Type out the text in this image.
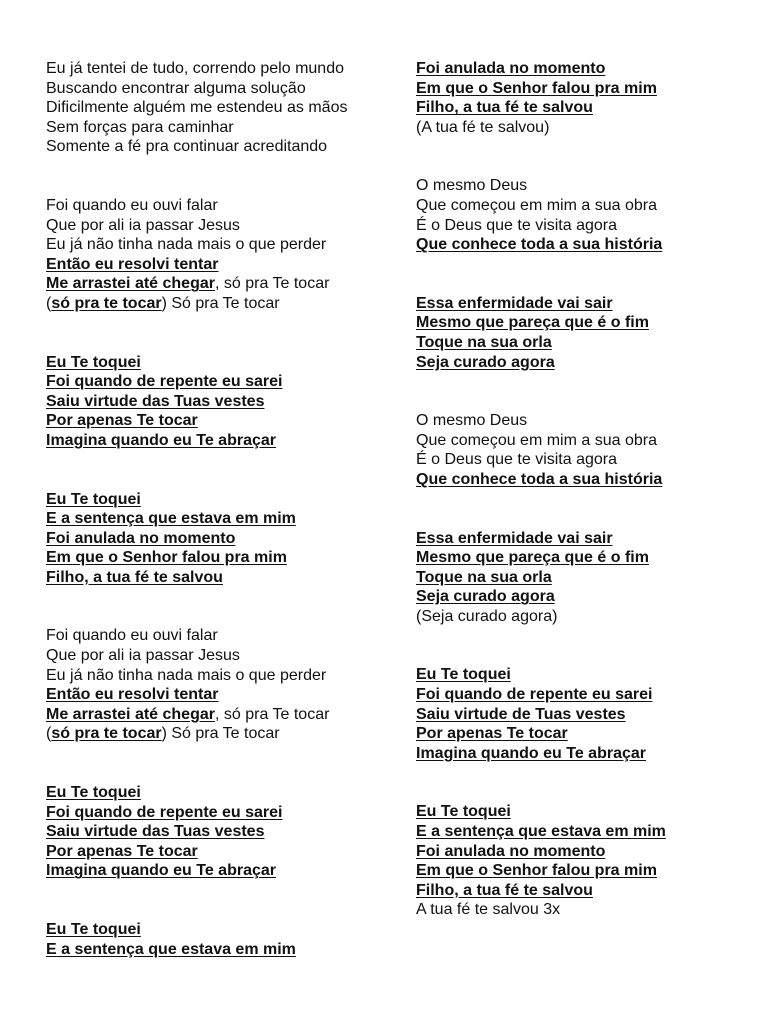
Eu já tentei de tudo, correndo pelo mundo
Buscando encontrar alguma solução
Dificilmente alguém me estendeu as mãos
Sem forças para caminhar
Somente a fé pra continuar acreditando
Foi quando eu ouvi falar
Que por ali ia passar Jesus
Eu já não tinha nada mais o que perder
Então eu resolvi tentar
Me arrastei até chegar, só pra Te tocar
(só pra te tocar) Só pra Te tocar
Eu Te toquei
Foi quando de repente eu sarei
Saiu virtude das Tuas vestes
Por apenas Te tocar
Imagina quando eu Te abraçar
Eu Te toquei
E a sentença que estava em mim
Foi anulada no momento
Em que o Senhor falou pra mim
Filho, a tua fé te salvou
Foi quando eu ouvi falar
Que por ali ia passar Jesus
Eu já não tinha nada mais o que perder
Então eu resolvi tentar
Me arrastei até chegar, só pra Te tocar
(só pra te tocar) Só pra Te tocar
Eu Te toquei
Foi quando de repente eu sarei
Saiu virtude das Tuas vestes
Por apenas Te tocar
Imagina quando eu Te abraçar
Eu Te toquei
E a sentença que estava em mim
Foi anulada no momento
Em que o Senhor falou pra mim
Filho, a tua fé te salvou
(A tua fé te salvou)
O mesmo Deus
Que começou em mim a sua obra
É o Deus que te visita agora
Que conhece toda a sua história
Essa enfermidade vai sair
Mesmo que pareça que é o fim
Toque na sua orla
Seja curado agora
O mesmo Deus
Que começou em mim a sua obra
É o Deus que te visita agora
Que conhece toda a sua história
Essa enfermidade vai sair
Mesmo que pareça que é o fim
Toque na sua orla
Seja curado agora
(Seja curado agora)
Eu Te toquei
Foi quando de repente eu sarei
Saiu virtude de Tuas vestes
Por apenas Te tocar
Imagina quando eu Te abraçar
Eu Te toquei
E a sentença que estava em mim
Foi anulada no momento
Em que o Senhor falou pra mim
Filho, a tua fé te salvou
A tua fé te salvou 3x
